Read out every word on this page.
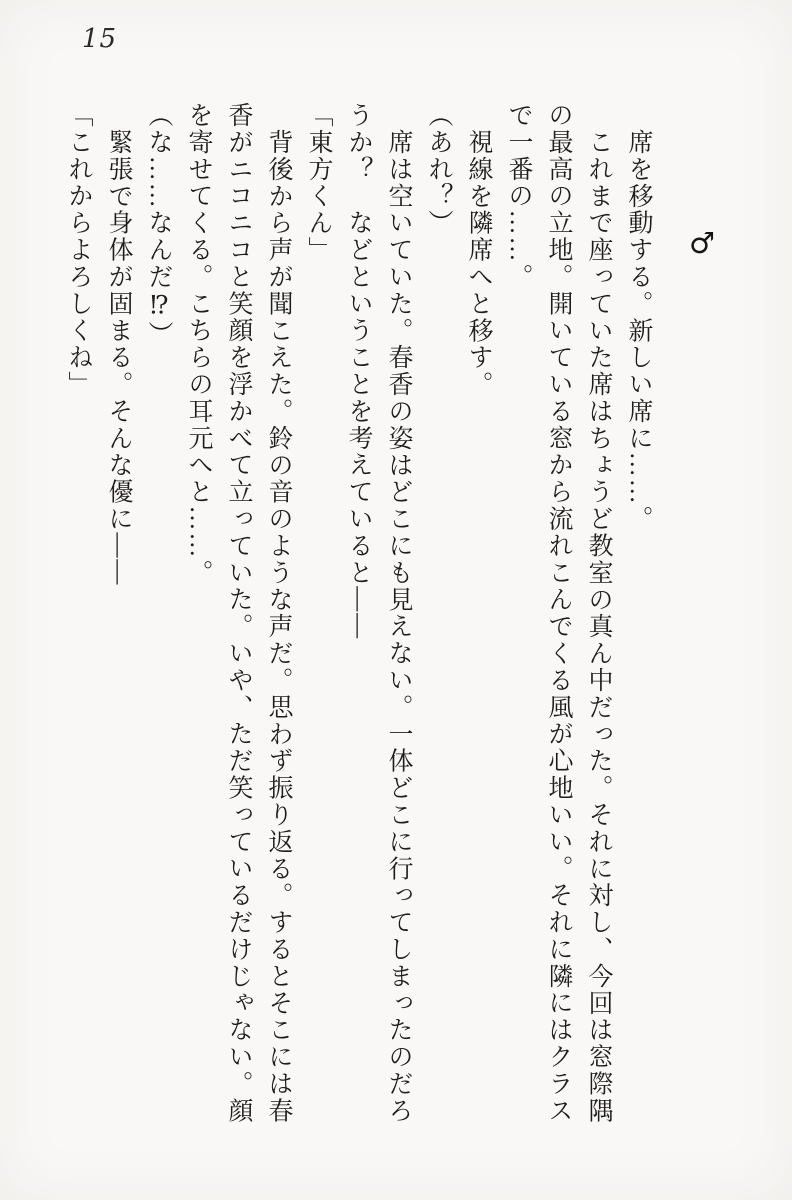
15
♂
席を移動する。新しい席に……。
これまで座っていた席はちょうど教室の真ん中だった。それに対し、今回は窓際隅
の最高の立地。開いている窓から流れこんでくる風が心地いい。それに隣にはクラス
で一番の……。
視線を隣席へと移す。
（あれ？）
席は空いていた。春香の姿はどこにも見えない。一体どこに行ってしまったのだろ
うか？　などということを考えていると――
「東方くん」
背後から声が聞こえた。鈴の音のような声だ。思わず振り返る。するとそこには春
香がニコニコと笑顔を浮かべて立っていた。いや、ただ笑っているだけじゃない。顔
を寄せてくる。こちらの耳元へと……。
（な……なんだ⁉）
緊張で身体が固まる。そんな優に――
「これからよろしくね」
